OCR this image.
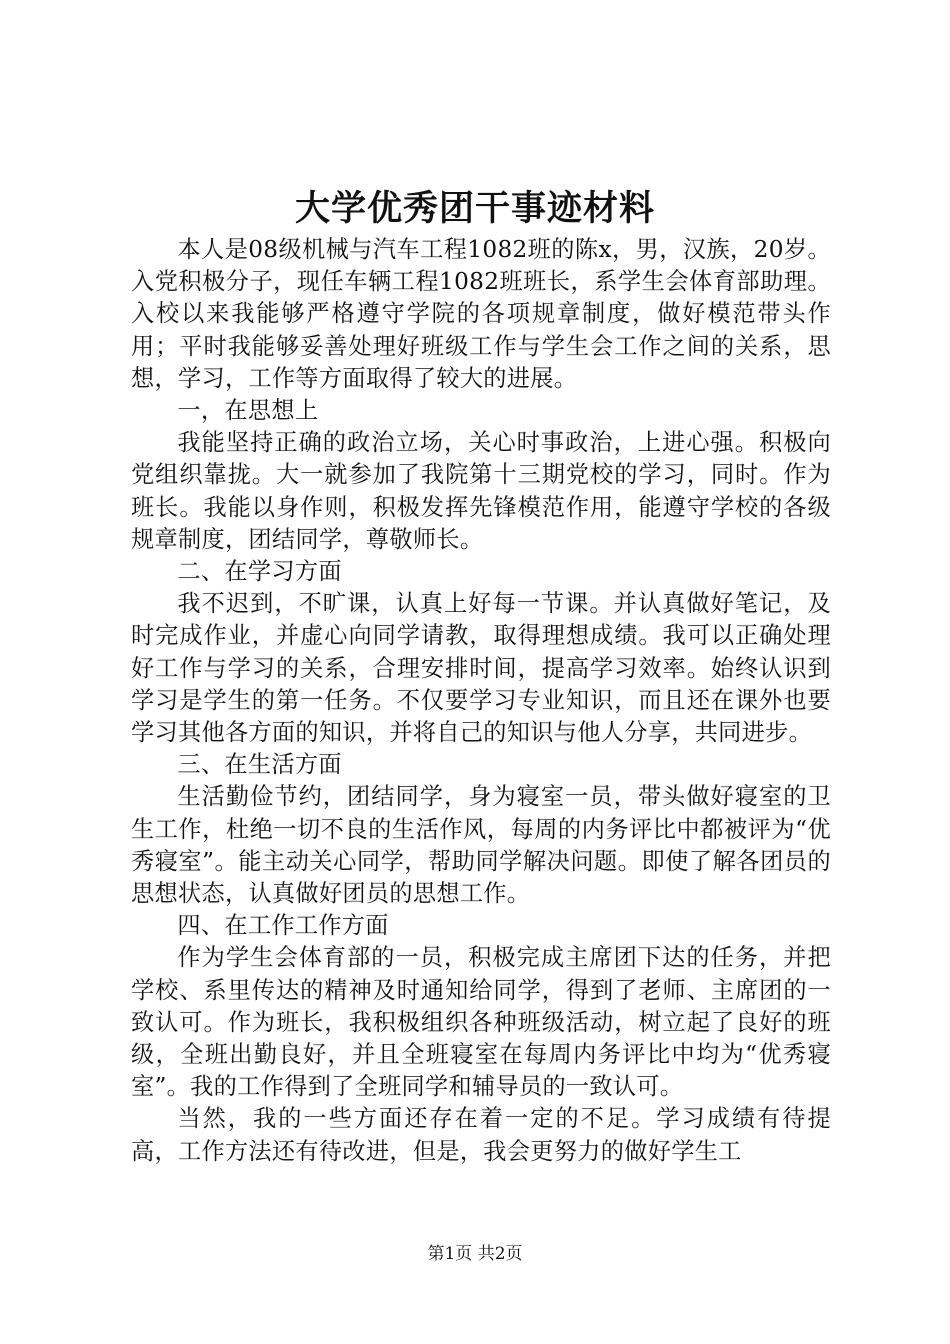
大学优秀团干事迹材料

本人是08级机械与汽车工程1082班的陈x，男，汉族，20岁。入党积极分子，现任车辆工程1082班班长，系学生会体育部助理。入校以来我能够严格遵守学院的各项规章制度，做好模范带头作用；平时我能够妥善处理好班级工作与学生会工作之间的关系，思想，学习，工作等方面取得了较大的进展。

一，在思想上

我能坚持正确的政治立场，关心时事政治，上进心强。积极向党组织靠拢。大一就参加了我院第十三期党校的学习，同时。作为班长。我能以身作则，积极发挥先锋模范作用，能遵守学校的各级规章制度，团结同学，尊敬师长。

二、在学习方面

我不迟到，不旷课，认真上好每一节课。并认真做好笔记，及时完成作业，并虚心向同学请教，取得理想成绩。我可以正确处理好工作与学习的关系，合理安排时间，提高学习效率。始终认识到学习是学生的第一任务。不仅要学习专业知识，而且还在课外也要学习其他各方面的知识，并将自己的知识与他人分享，共同进步。

三、在生活方面

生活勤俭节约，团结同学，身为寝室一员，带头做好寝室的卫生工作，杜绝一切不良的生活作风，每周的内务评比中都被评为“优秀寝室”。能主动关心同学，帮助同学解决问题。即使了解各团员的思想状态，认真做好团员的思想工作。

四、在工作工作方面

作为学生会体育部的一员，积极完成主席团下达的任务，并把学校、系里传达的精神及时通知给同学，得到了老师、主席团的一致认可。作为班长，我积极组织各种班级活动，树立起了良好的班级，全班出勤良好，并且全班寝室在每周内务评比中均为“优秀寝室”。我的工作得到了全班同学和辅导员的一致认可。

当然，我的一些方面还存在着一定的不足。学习成绩有待提高，工作方法还有待改进，但是，我会更努力的做好学生工

第1页 共2页
